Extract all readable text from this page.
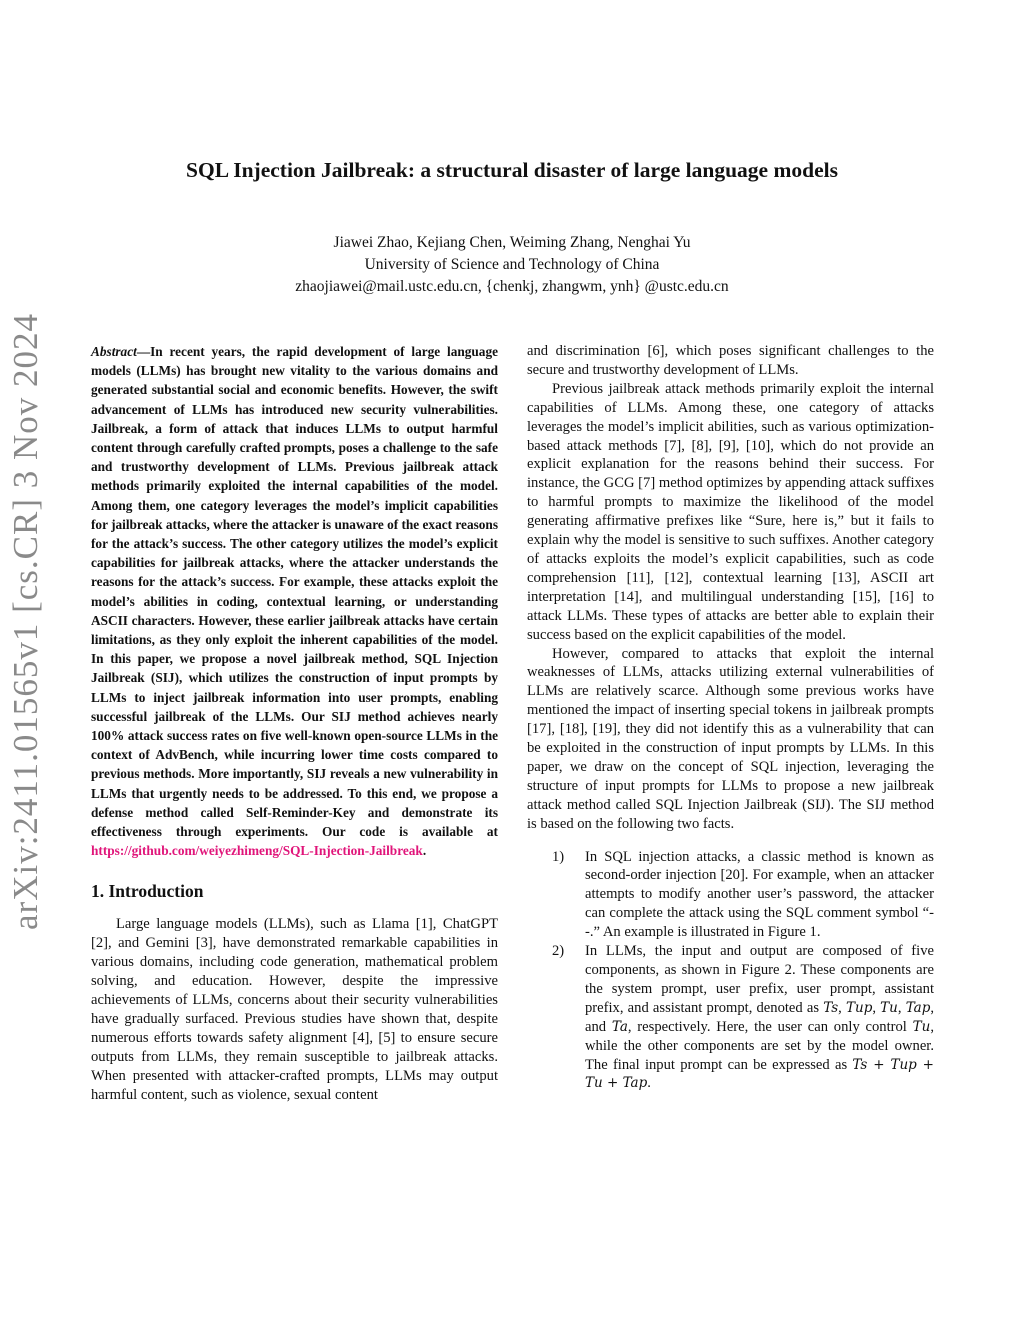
arXiv:2411.01565v1 [cs.CR] 3 Nov 2024
SQL Injection Jailbreak: a structural disaster of large language models
Jiawei Zhao, Kejiang Chen, Weiming Zhang, Nenghai Yu
University of Science and Technology of China
zhaojiawei@mail.ustc.edu.cn, {chenkj, zhangwm, ynh} @ustc.edu.cn
Abstract—In recent years, the rapid development of large language models (LLMs) has brought new vitality to the various domains and generated substantial social and economic benefits. However, the swift advancement of LLMs has introduced new security vulnerabilities. Jailbreak, a form of attack that induces LLMs to output harmful content through carefully crafted prompts, poses a challenge to the safe and trustworthy development of LLMs. Previous jailbreak attack methods primarily exploited the internal capabilities of the model. Among them, one category leverages the model’s implicit capabilities for jailbreak attacks, where the attacker is unaware of the exact reasons for the attack’s success. The other category utilizes the model’s explicit capabilities for jailbreak attacks, where the attacker understands the reasons for the attack’s success. For example, these attacks exploit the model’s abilities in coding, contextual learning, or understanding ASCII characters. However, these earlier jailbreak attacks have certain limitations, as they only exploit the inherent capabilities of the model. In this paper, we propose a novel jailbreak method, SQL Injection Jailbreak (SIJ), which utilizes the construction of input prompts by LLMs to inject jailbreak information into user prompts, enabling successful jailbreak of the LLMs. Our SIJ method achieves nearly 100% attack success rates on five well-known open-source LLMs in the context of AdvBench, while incurring lower time costs compared to previous methods. More importantly, SIJ reveals a new vulnerability in LLMs that urgently needs to be addressed. To this end, we propose a defense method called Self-Reminder-Key and demonstrate its effectiveness through experiments. Our code is available at https://github.com/weiyezhimeng/SQL-Injection-Jailbreak.
1. Introduction

Large language models (LLMs), such as Llama [1], ChatGPT [2], and Gemini [3], have demonstrated remarkable capabilities in various domains, including code generation, mathematical problem solving, and education. However, despite the impressive achievements of LLMs, concerns about their security vulnerabilities have gradually surfaced. Previous studies have shown that, despite numerous efforts towards safety alignment [4], [5] to ensure secure outputs from LLMs, they remain susceptible to jailbreak attacks. When presented with attacker-crafted prompts, LLMs may output harmful content, such as violence, sexual content

and discrimination [6], which poses significant challenges to the secure and trustworthy development of LLMs.

Previous jailbreak attack methods primarily exploit the internal capabilities of LLMs. Among these, one category of attacks leverages the model’s implicit abilities, such as various optimization-based attack methods [7], [8], [9], [10], which do not provide an explicit explanation for the reasons behind their success. For instance, the GCG [7] method optimizes by appending attack suffixes to harmful prompts to maximize the likelihood of the model generating affirmative prefixes like “Sure, here is,” but it fails to explain why the model is sensitive to such suffixes. Another category of attacks exploits the model’s explicit capabilities, such as code comprehension [11], [12], contextual learning [13], ASCII art interpretation [14], and multilingual understanding [15], [16] to attack LLMs. These types of attacks are better able to explain their success based on the explicit capabilities of the model.

However, compared to attacks that exploit the internal weaknesses of LLMs, attacks utilizing external vulnerabilities of LLMs are relatively scarce. Although some previous works have mentioned the impact of inserting special tokens in jailbreak prompts [17], [18], [19], they did not identify this as a vulnerability that can be exploited in the construction of input prompts by LLMs. In this paper, we draw on the concept of SQL injection, leveraging the structure of input prompts for LLMs to propose a new jailbreak attack method called SQL Injection Jailbreak (SIJ). The SIJ method is based on the following two facts.

1) In SQL injection attacks, a classic method is known as second-order injection [20]. For example, when an attacker attempts to modify another user’s password, the attacker can complete the attack using the SQL comment symbol “- -.” An example is illustrated in Figure 1.
2) In LLMs, the input and output are composed of five components, as shown in Figure 2. These components are the system prompt, user prefix, user prompt, assistant prefix, and assistant prompt, denoted as Ts, Tup, Tu, Tap, and Ta, respectively. Here, the user can only control Tu, while the other components are set by the model owner. The final input prompt can be expressed as Ts + Tup + Tu + Tap.
